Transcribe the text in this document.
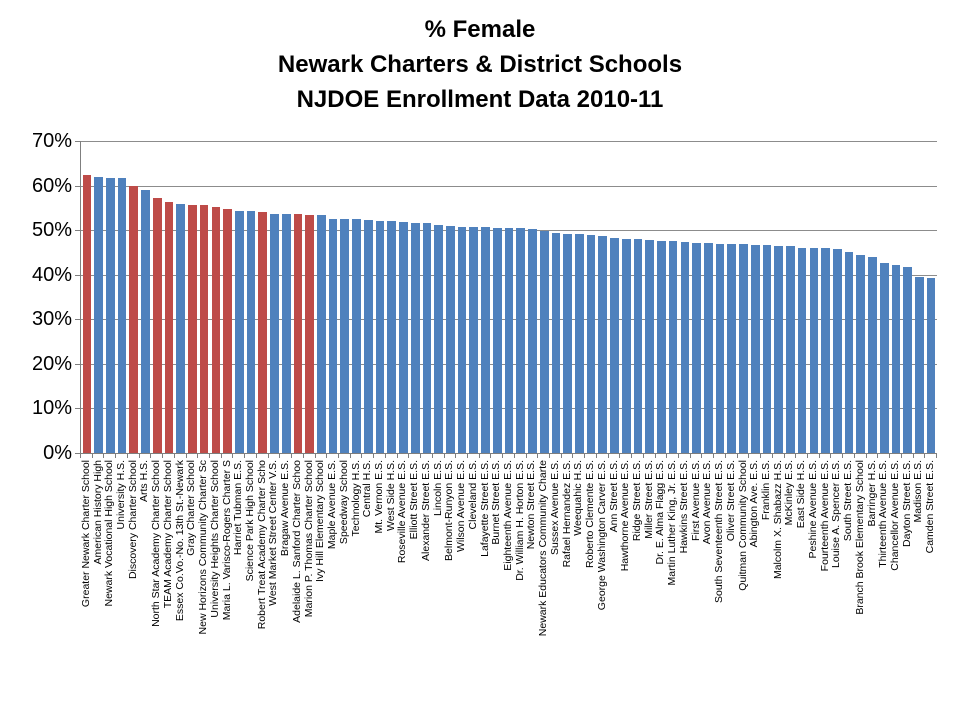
% Female
Newark Charters & District Schools
NJDOE Enrollment Data 2010-11
70%
60%
50%
40%
30%
20%
10%
0%
Greater Newark Charter School American History High Newark Vocational High School University H.S. Discovery Charter School Arts H.S. North Star Academy Charter School TEAM Academy Charter School Essex Co.Vo.-No. 13th St.-Newark Gray Charter School New Horizons Community Charter Sc University Heights Charter School Maria L. Varisco-Rogers Charter S Harriet Tubman E.S. Science Park High School Robert Treat Academy Charter Scho West Market Street Center V.S. Bragaw Avenue E.S. Adelaide L. Sanford Charter Schoo Marion P. Thomas Charter School Ivy Hill Elementary School Maple Avenue E.S. Speedway School Technology H.S. Central H.S. Mt. Vernon E.S. West Side H.S. Roseville Avenue E.S. Elliott Street E.S. Alexander Street E.S. Lincoln E.S. Belmont-Runyon E.S. Wilson Avenue E.S. Cleveland E.S. Lafayette Street E.S. Burnet Street E.S. Eighteenth Avenue E.S. Dr. William H. Horton E.S. Newton Street E.S. Newark Educators Community Charte Sussex Avenue E.S. Rafael Hernandez E.S. Weequahic H.S. Roberto Clemente E.S. George Washington Carver E.S. Ann Street E.S. Hawthorne Avenue E.S. Ridge Street E.S. Miller Street E.S. Dr. E. Alma Flagg E.S. Martin Luther King, Jr. E.S. Hawkins Street E.S. First Avenue E.S. Avon Avenue E.S. South Seventeenth Street E.S. Oliver Street E.S. Quitman Community School Abington Ave. E.S. Franklin E.S. Malcolm X. Shabazz H.S. McKinley E.S. East Side H.S. Peshine Avenue E.S. Fourteenth Avenue E.S. Louise A. Spencer E.S. South Street E.S. Branch Brook Elementary School Barringer H.S. Thirteenth Avenue E.S. Chancellor Avenue E.S. Dayton Street E.S. Madison E.S. Camden Street E.S.
